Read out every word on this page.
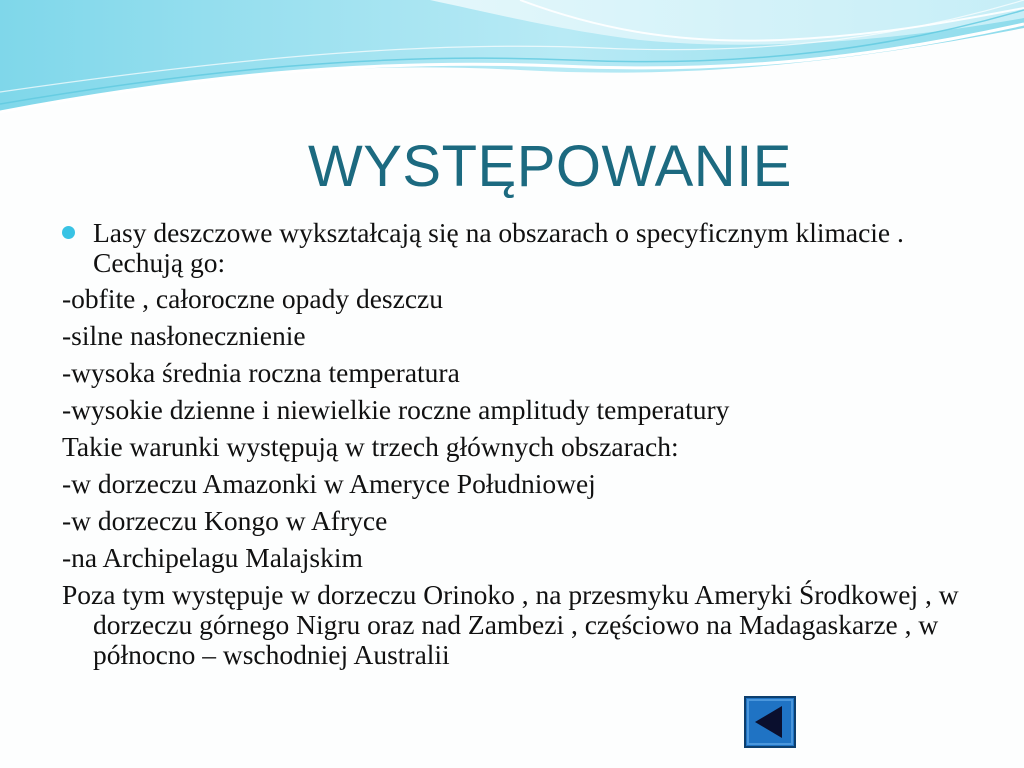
WYSTĘPOWANIE
Lasy deszczowe wykształcają się na obszarach o specyficznym klimacie . Cechują go:
-obfite , całoroczne opady deszczu
-silne nasłonecznienie
-wysoka średnia roczna temperatura
-wysokie dzienne i niewielkie roczne amplitudy temperatury
Takie warunki występują w trzech głównych obszarach:
-w dorzeczu Amazonki w Ameryce Południowej
-w dorzeczu Kongo w Afryce
-na Archipelagu Malajskim
Poza tym występuje w dorzeczu Orinoko , na przesmyku Ameryki Środkowej , w dorzeczu górnego Nigru oraz nad Zambezi , częściowo na Madagaskarze , w północno – wschodniej Australii
